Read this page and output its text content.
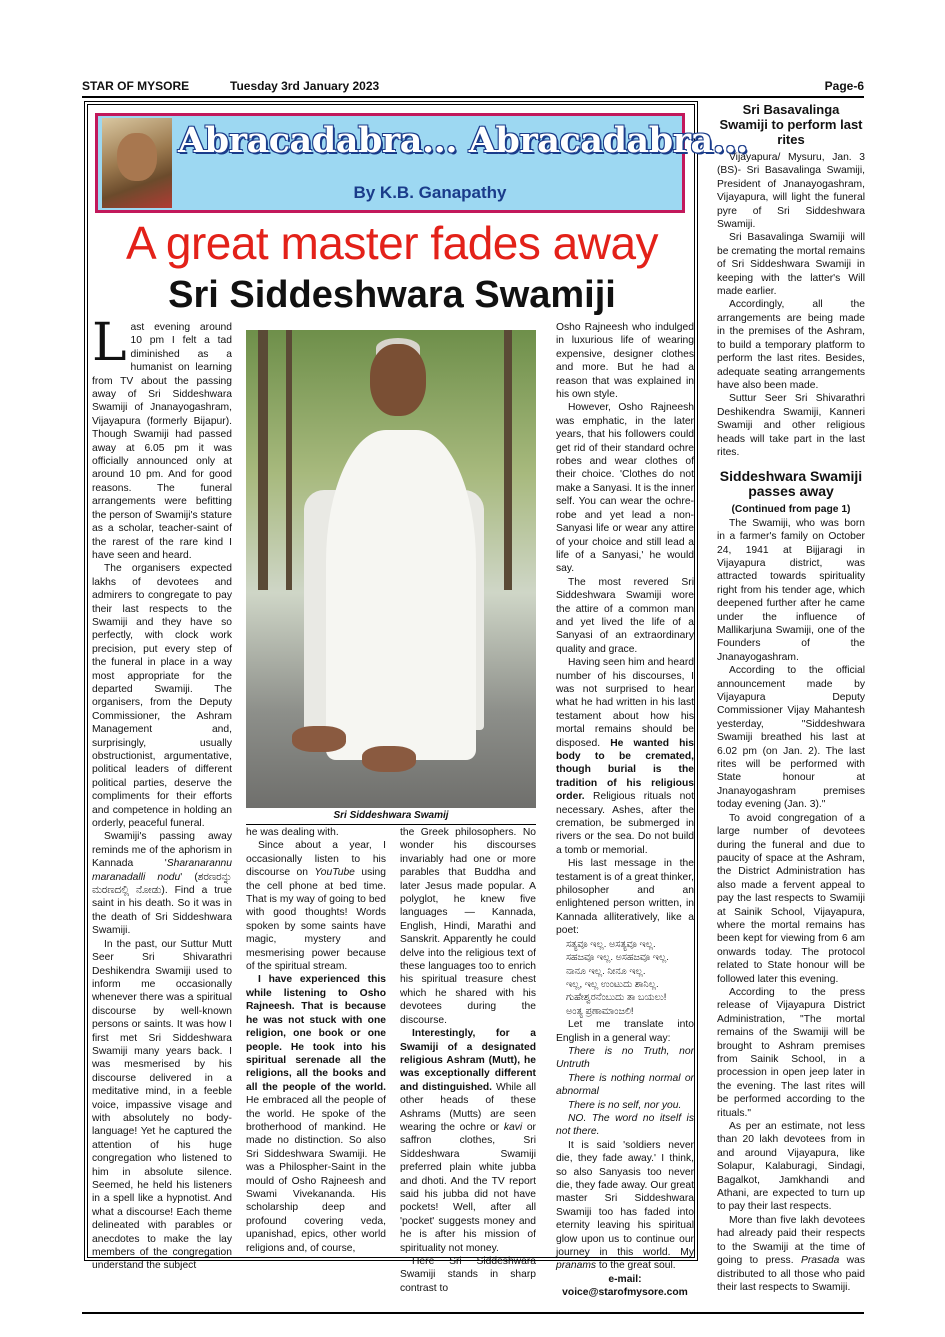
STAR OF MYSORE	Tuesday 3rd January 2023	Page-6
Abracadabra... Abracadabra...
By K.B. Ganapathy
A great master fades away
Sri Siddeshwara Swamiji
Sri Siddeshwara Swamij

Last evening around 10 pm I felt a tad diminished as a humanist on learning from TV about the passing away of Sri Siddeshwara Swamiji of Jnanayogashram, Vijayapura (formerly Bijapur). Though Swamiji had passed away at 6.05 pm it was officially announced only at around 10 pm. And for good reasons. The funeral arrangements were befitting the person of Swamiji's stature as a scholar, teacher-saint of the rarest of the rare kind I have seen and heard.

The organisers expected lakhs of devotees and admirers to congregate to pay their last respects to the Swamiji and they have so perfectly, with clock work precision, put every step of the funeral in place in a way most appropriate for the departed Swamiji. The organisers, from the Deputy Commissioner, the Ashram Management and, surprisingly, usually obstructionist, argumentative, political leaders of different political parties, deserve the compliments for their efforts and competence in holding an orderly, peaceful funeral.

Swamiji's passing away reminds me of the aphorism in Kannada 'Sharanarannu maranadalli nodu' (ಶರಣರನ್ನು ಮರಣದಲ್ಲಿ ನೋಡು). Find a true saint in his death. So it was in the death of Sri Siddeshwara Swamiji.

In the past, our Suttur Mutt Seer Sri Shivarathri Deshikendra Swamiji used to inform me occasionally whenever there was a spiritual discourse by well-known persons or saints. It was how I first met Sri Siddeshwara Swamiji many years back. I was mesmerised by his discourse delivered in a meditative mind, in a feeble voice, impassive visage and with absolutely no body-language! Yet he captured the attention of his huge congregation who listened to him in absolute silence. Seemed, he held his listeners in a spell like a hypnotist. And what a discourse! Each theme delineated with parables or anecdotes to make the lay members of the congregation understand the subject

he was dealing with.

Since about a year, I occasionally listen to his discourse on YouTube using the cell phone at bed time. That is my way of going to bed with good thoughts! Words spoken by some saints have magic, mystery and mesmerising power because of the spiritual stream.

I have experienced this while listening to Osho Rajneesh. That is because he was not stuck with one religion, one book or one people. He took into his spiritual serenade all the religions, all the books and all the people of the world. He embraced all the people of the world. He spoke of the brotherhood of mankind. He made no distinction. So also Sri Siddeshwara Swamiji. He was a Philospher-Saint in the mould of Osho Rajneesh and Swami Vivekananda. His scholarship deep and profound covering veda, upanishad, epics, other world religions and, of course,

the Greek philosophers. No wonder his discourses invariably had one or more parables that Buddha and later Jesus made popular. A polyglot, he knew five languages — Kannada, English, Hindi, Marathi and Sanskrit. Apparently he could delve into the religious text of these languages too to enrich his spiritual treasure chest which he shared with his devotees during the discourse.

Interestingly, for a Swamiji of a designated religious Ashram (Mutt), he was exceptionally different and distinguished. While all other heads of these Ashrams (Mutts) are seen wearing the ochre or kavi or saffron clothes, Sri Siddeshwara Swamiji preferred plain white jubba and dhoti. And the TV report said his jubba did not have pockets! Well, after all 'pocket' suggests money and he is after his mission of spirituality not money.

Here Sri Siddeshwara Swamiji stands in sharp contrast to

Osho Rajneesh who indulged in luxurious life of wearing expensive, designer clothes and more. But he had a reason that was explained in his own style.

However, Osho Rajneesh was emphatic, in the later years, that his followers could get rid of their standard ochre robes and wear clothes of their choice. 'Clothes do not make a Sanyasi. It is the inner self. You can wear the ochre-robe and yet lead a non-Sanyasi life or wear any attire of your choice and still lead a life of a Sanyasi,' he would say.

The most revered Sri Siddeshwara Swamiji wore the attire of a common man and yet lived the life of a Sanyasi of an extraordinary quality and grace.

Having seen him and heard number of his discourses, I was not surprised to hear what he had written in his last testament about how his mortal remains should be disposed. He wanted his body to be cremated, though burial is the tradition of his religious order. Religious rituals not necessary. Ashes, after the cremation, be submerged in rivers or the sea. Do not build a tomb or memorial.

His last message in the testament is of a great thinker, philosopher and an enlightened person written, in Kannada alliteratively, like a poet:

ಸತ್ಯವೂ ಇಲ್ಲ. ಅಸತ್ಯವೂ ಇಲ್ಲ.
ಸಹಜವೂ ಇಲ್ಲ. ಅಸಹಜವೂ ಇಲ್ಲ.
ನಾನೂ ಇಲ್ಲ. ನೀನೂ ಇಲ್ಲ.
ಇಲ್ಲ, ಇಲ್ಲ ಉಂಟುದು ಶಾನಿಲ್ಲ.
ಗುಹೇಶ್ವರನೆಂಬುದು ತಾ ಬಯಲು!
ಅಂತ್ಯ ಪ್ರಣಾಮಾಂಜಲಿ!

Let me translate into English in a general way:

There is no Truth, nor Untruth

There is nothing normal or abnormal

There is no self, nor you.

NO. The word no itself is not there.

It is said 'soldiers never die, they fade away.' I think, so also Sanyasis too never die, they fade away. Our great master Sri Siddeshwara Swamiji too has faded into eternity leaving his spiritual glow upon us to continue our journey in this world. My pranams to the great soul.

e-mail:

voice@starofmysore.com

Sri Basavalinga Swamiji to perform last rites

Vijayapura/ Mysuru, Jan. 3 (BS)- Sri Basavalinga Swamiji, President of Jnanayogashram, Vijayapura, will light the funeral pyre of Sri Siddeshwara Swamiji.

Sri Basavalinga Swamiji will be cremating the mortal remains of Sri Siddeshwara Swamiji in keeping with the latter's Will made earlier.

Accordingly, all the arrangements are being made in the premises of the Ashram, to build a temporary platform to perform the last rites. Besides, adequate seating arrangements have also been made.

Suttur Seer Sri Shivarathri Deshikendra Swamiji, Kanneri Swamiji and other religious heads will take part in the last rites.

Siddeshwara Swamiji passes away

(Continued from page 1)

The Swamiji, who was born in a farmer's family on October 24, 1941 at Bijjaragi in Vijayapura district, was attracted towards spirituality right from his tender age, which deepened further after he came under the influence of Mallikarjuna Swamiji, one of the Founders of the Jnanayogashram.

According to the official announcement made by Vijayapura Deputy Commissioner Vijay Mahantesh yesterday, "Siddeshwara Swamiji breathed his last at 6.02 pm (on Jan. 2). The last rites will be performed with State honour at Jnanayogashram premises today evening (Jan. 3)."

To avoid congregation of a large number of devotees during the funeral and due to paucity of space at the Ashram, the District Administration has also made a fervent appeal to pay the last respects to Swamiji at Sainik School, Vijayapura, where the mortal remains has been kept for viewing from 6 am onwards today. The protocol related to State honour will be followed later this evening.

According to the press release of Vijayapura District Administration, "The mortal remains of the Swamiji will be brought to Ashram premises from Sainik School, in a procession in open jeep later in the evening. The last rites will be performed according to the rituals."

As per an estimate, not less than 20 lakh devotees from in and around Vijayapura, like Solapur, Kalaburagi, Sindagi, Bagalkot, Jamkhandi and Athani, are expected to turn up to pay their last respects.

More than five lakh devotees had already paid their respects to the Swamiji at the time of going to press. Prasada was distributed to all those who paid their last respects to Swamiji.
